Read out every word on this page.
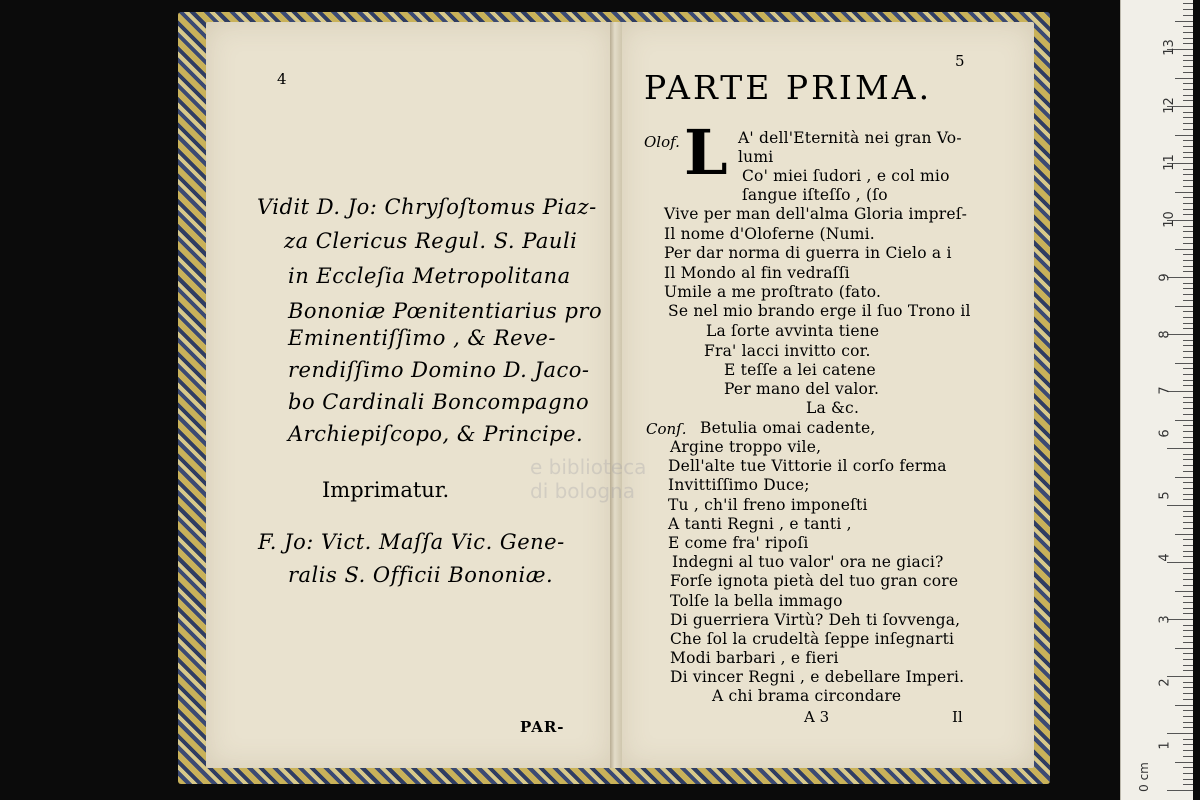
4
Vidit D. Jo: Chryſoſtomus Piaz-
za Clericus Regul. S. Pauli
in Eccleſia Metropolitana
Bononiæ Pœnitentiarius pro
Eminentiſſimo , & Reve-
rendiſſimo Domino D. Jaco-
bo Cardinali Boncompagno
Archiepiſcopo, & Principe.
Imprimatur.
F. Jo: Vict. Maſſa Vic. Gene-
ralis S. Officii Bononiæ.
PAR-
e biblioteca
di bologna
5
PARTE PRIMA.
L
Olof.
Conſ.
A' dell'Eternità nei gran Vo-
lumi
Co' miei ſudori , e col mio
ſangue iſteſſo , (ſo
Vive per man dell'alma Gloria impreſ-
Il nome d'Oloferne (Numi.
Per dar norma di guerra in Cielo a i
Il Mondo al fin vedraſſi
Umile a me proſtrato (fato.
Se nel mio brando erge il ſuo Trono il
La ſorte avvinta tiene
Fra' lacci invitto cor.
E teſſe a lei catene
Per mano del valor.
La &c.
Betulia omai cadente,
Argine troppo vile,
Dell'alte tue Vittorie il corſo ferma
Invittiſſimo Duce;
Tu , ch'il freno imponeſti
A tanti Regni , e tanti ,
E come fra' ripoſi
Indegni al tuo valor' ora ne giaci?
Forſe ignota pietà del tuo gran core
Tolſe la bella immago
Di guerriera Virtù? Deh ti ſovvenga,
Che ſol la crudeltà ſeppe inſegnarti
Modi barbari , e fieri
Di vincer Regni , e debellare Imperi.
A chi brama circondare
A 3	Il
0 cm
1
2
3
4
5
6
7
8
9
10
11
12
13
